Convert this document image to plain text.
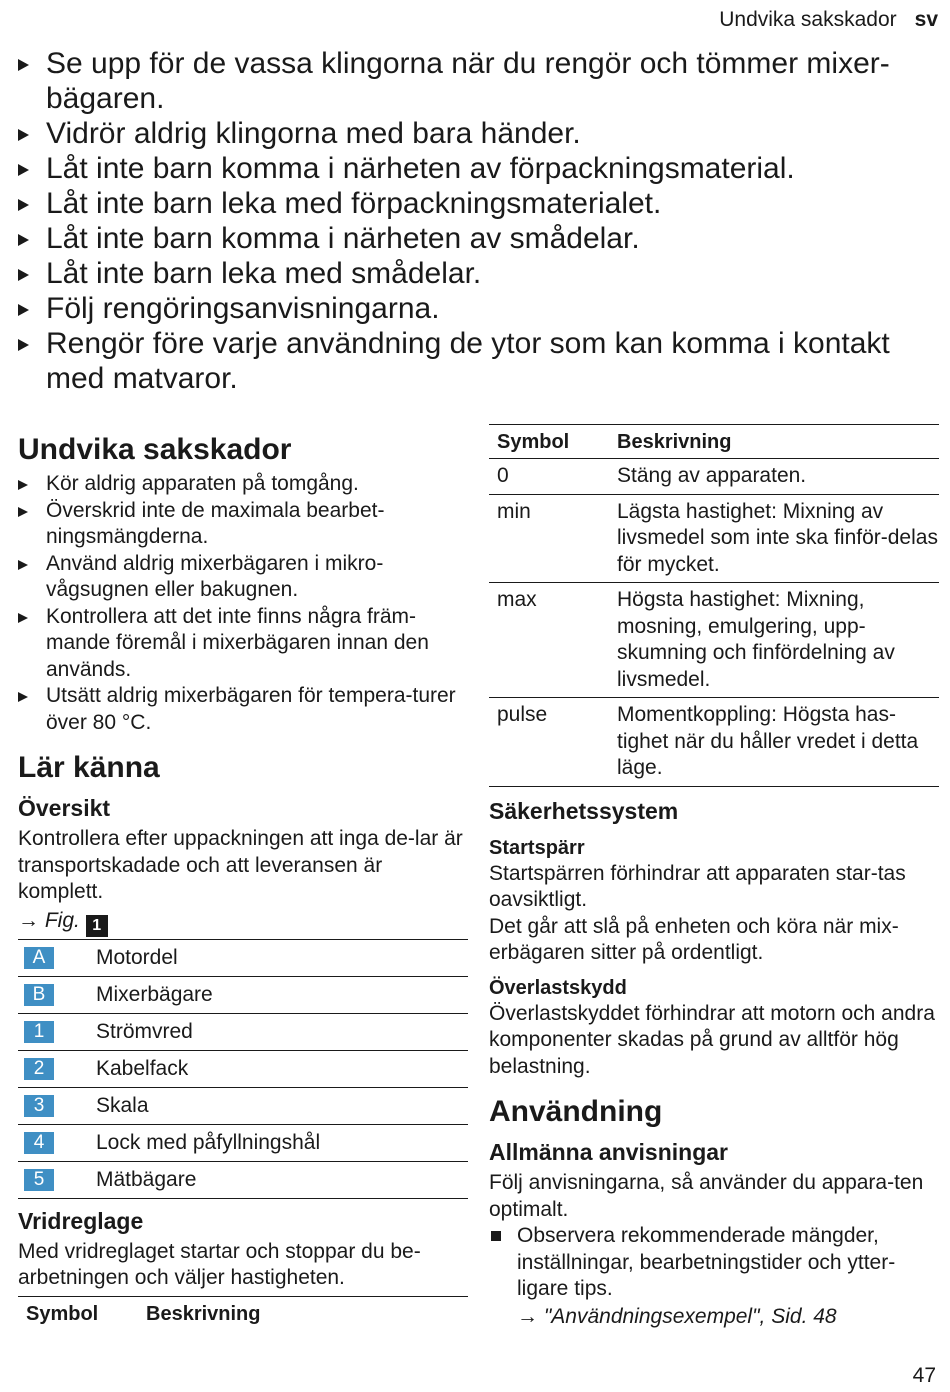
Undvika sakskador sv
Se upp för de vassa klingorna när du rengör och tömmer mixer-bägaren.
Vidrör aldrig klingorna med bara händer.
Låt inte barn komma i närheten av förpackningsmaterial.
Låt inte barn leka med förpackningsmaterialet.
Låt inte barn komma i närheten av smådelar.
Låt inte barn leka med smådelar.
Följ rengöringsanvisningarna.
Rengör före varje användning de ytor som kan komma i kontakt med matvaror.
Undvika sakskador
Kör aldrig apparaten på tomgång.
Överskrid inte de maximala bearbet-ningsmängderna.
Använd aldrig mixerbägaren i mikro-vågsugnen eller bakugnen.
Kontrollera att det inte finns några främ-mande föremål i mixerbägaren innan den används.
Utsätt aldrig mixerbägaren för tempera-turer över 80 °C.
Lär känna
Översikt

Kontrollera efter uppackningen att inga de-lar är transportskadade och att leveransen är komplett.

→ Fig. 1
A	Motordel
B	Mixerbägare
1	Strömvred
2	Kabelfack
3	Skala
4	Lock med påfyllningshål
5	Mätbägare
Vridreglage

Med vridreglaget startar och stoppar du be-arbetningen och väljer hastigheten.

Symbol	Beskrivning
Symbol	Beskrivning
0	Stäng av apparaten.
min	Lägsta hastighet: Mixning av livsmedel som inte ska finför-delas för mycket.
max	Högsta hastighet: Mixning, mosning, emulgering, upp-skumning och finfördelning av livsmedel.
pulse	Momentkoppling: Högsta has-tighet när du håller vredet i detta läge.
Säkerhetssystem
Startspärr

Startspärren förhindrar att apparaten star-tas oavsiktligt.

Det går att slå på enheten och köra när mix-erbägaren sitter på ordentligt.

Överlastskydd

Överlastskyddet förhindrar att motorn och andra komponenter skadas på grund av alltför hög belastning.

Användning
Allmänna anvisningar

Följ anvisningarna, så använder du appara-ten optimalt.

Observera rekommenderade mängder, inställningar, bearbetningstider och ytter-ligare tips.
→ "Användningsexempel", Sid. 48
47
